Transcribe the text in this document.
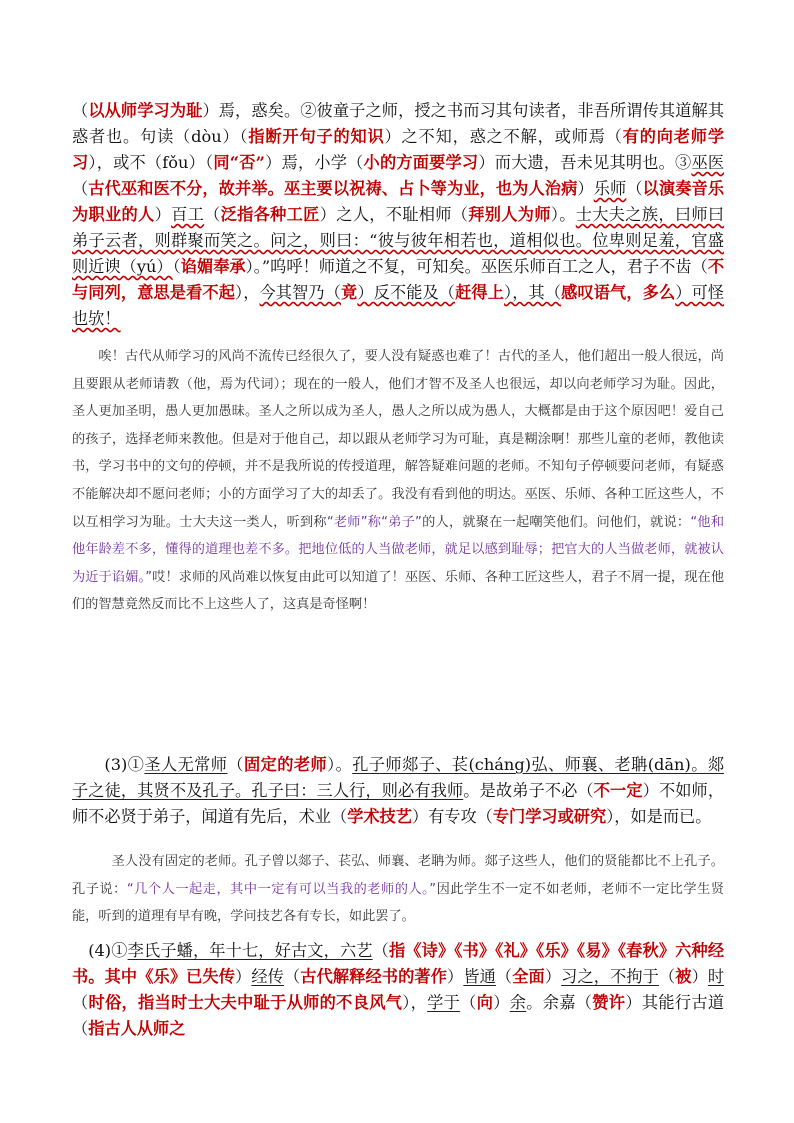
（以从师学习为耻）焉，惑矣。②彼童子之师，授之书而习其句读者，非吾所谓传其道解其惑者也。句读（dòu）（指断开句子的知识）之不知，惑之不解，或师焉（有的向老师学习），或不（fǒu）（同“否”）焉，小学（小的方面要学习）而大遗，吾未见其明也。③巫医（古代巫和医不分，故并举。巫主要以祝祷、占卜等为业，也为人治病）乐师（以演奏音乐为职业的人）百工（泛指各种工匠）之人，不耻相师（拜别人为师）。士大夫之族，曰师曰弟子云者，则群聚而笑之。问之，则曰：“彼与彼年相若也，道相似也。位卑则足羞，官盛则近谀（yú）（谄媚奉承）。”呜呼！师道之不复，可知矣。巫医乐师百工之人，君子不齿（不与同列，意思是看不起），今其智乃（竟）反不能及（赶得上），其（感叹语气，多么）可怪也欤！

唉！古代从师学习的风尚不流传已经很久了，要人没有疑惑也难了！古代的圣人，他们超出一般人很远，尚且要跟从老师请教（他，焉为代词）；现在的一般人，他们才智不及圣人也很远，却以向老师学习为耻。因此，圣人更加圣明，愚人更加愚昧。圣人之所以成为圣人，愚人之所以成为愚人，大概都是由于这个原因吧！爱自己的孩子，选择老师来教他。但是对于他自己，却以跟从老师学习为可耻，真是糊涂啊！那些儿童的老师，教他读书，学习书中的文句的停顿，并不是我所说的传授道理，解答疑难问题的老师。不知句子停顿要问老师，有疑惑不能解决却不愿问老师；小的方面学习了大的却丢了。我没有看到他的明达。巫医、乐师、各种工匠这些人，不以互相学习为耻。士大夫这一类人，听到称“老师”称“弟子”的人，就聚在一起嘲笑他们。问他们，就说：“他和他年龄差不多，懂得的道理也差不多。把地位低的人当做老师，就足以感到耻辱；把官大的人当做老师，就被认为近于谄媚。”哎！求师的风尚难以恢复由此可以知道了！巫医、乐师、各种工匠这些人，君子不屑一提，现在他们的智慧竟然反而比不上这些人了，这真是奇怪啊！

(3)①圣人无常师（固定的老师）。孔子师郯子、苌(cháng)弘、师襄、老聃(dān)。郯子之徒，其贤不及孔子。孔子曰：三人行，则必有我师。是故弟子不必（不一定）不如师，师不必贤于弟子，闻道有先后，术业（学术技艺）有专攻（专门学习或研究），如是而已。

圣人没有固定的老师。孔子曾以郯子、苌弘、师襄、老聃为师。郯子这些人，他们的贤能都比不上孔子。孔子说：“几个人一起走，其中一定有可以当我的老师的人。”因此学生不一定不如老师，老师不一定比学生贤能，听到的道理有早有晚，学问技艺各有专长，如此罢了。

(4)①李氏子蟠，年十七，好古文，六艺（指《诗》《书》《礼》《乐》《易》《春秋》六种经书。其中《乐》已失传）经传（古代解释经书的著作）皆通（全面）习之，不拘于（被）时（时俗，指当时士大夫中耻于从师的不良风气），学于（向）余。余嘉（赞许）其能行古道（指古人从师之
